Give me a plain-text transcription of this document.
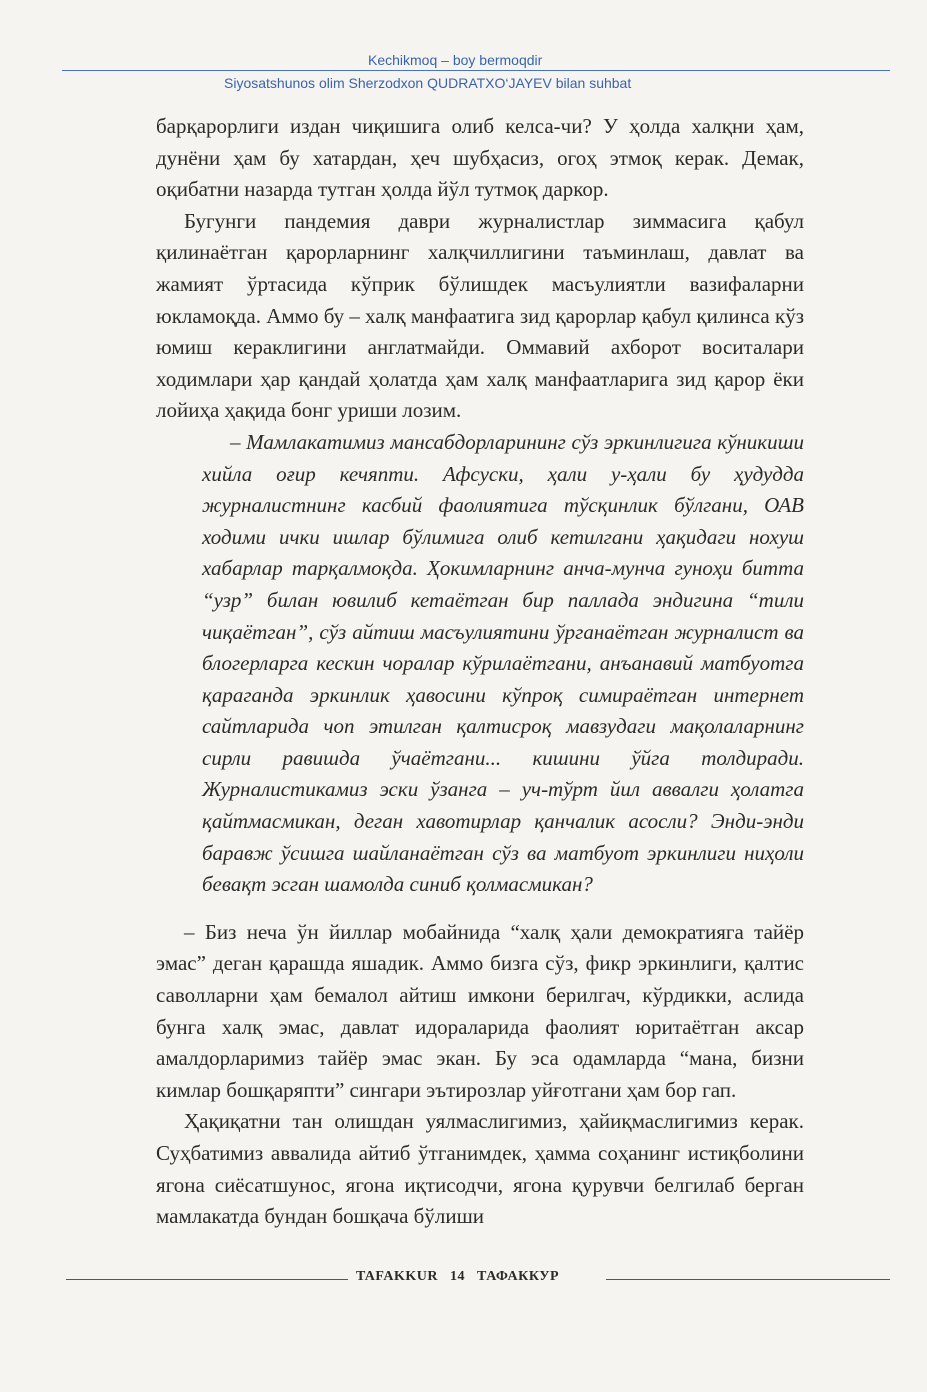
Kechikmoq – boy bermoqdir
Siyosatshunos olim Sherzodxon QUDRATXO‘JAYEV bilan suhbat

барқарорлиги издан чиқишига олиб келса-чи? У ҳолда халқни ҳам, дунёни ҳам бу хатардан, ҳеч шубҳасиз, огоҳ этмоқ керак. Демак, оқибатни назарда тутган ҳолда йўл тутмоқ даркор.

Бугунги пандемия даври журналистлар зиммасига қабул қилинаётган қарорларнинг халқчиллигини таъминлаш, давлат ва жамият ўртасида кўприк бўлишдек масъулиятли вазифаларни юкламоқда. Аммо бу – халқ манфаатига зид қарорлар қабул қилинса кўз юмиш кераклигини англатмайди. Оммавий ахборот воситалари ходимлари ҳар қандай ҳолатда ҳам халқ манфаатларига зид қарор ёки лойиҳа ҳақида бонг уриши лозим.

– Мамлакатимиз мансабдорларининг сўз эркинлигига кўникиши хийла оғир кечяпти. Афсуски, ҳали у-ҳали бу ҳудудда журналистнинг касбий фаолиятига тўсқинлик бўлгани, ОАВ ходими ички ишлар бўлимига олиб кетилгани ҳақидаги нохуш хабарлар тарқалмоқда. Ҳокимларнинг анча-мунча гуноҳи битта “узр” билан ювилиб кетаётган бир паллада эндигина “тили чиқаётган”, сўз айтиш масъулиятини ўрганаётган журналист ва блогерларга кескин чоралар кўрилаётгани, анъанавий матбуотга қараганда эркинлик ҳавосини кўпроқ симираётган интернет сайтларида чоп этилган қалтисроқ мавзудаги мақолаларнинг сирли равишда ўчаётгани... кишини ўйга толдиради. Журналистикамиз эски ўзанга – уч-тўрт йил аввалги ҳолатга қайтмасмикан, деган хавотирлар қанчалик асосли? Энди-энди баравж ўсишга шайланаётган сўз ва матбуот эркинлиги ниҳоли бевақт эсган шамолда синиб қолмасмикан?

– Биз неча ўн йиллар мобайнида “халқ ҳали демократияга тайёр эмас” деган қарашда яшадик. Аммо бизга сўз, фикр эркинлиги, қалтис саволларни ҳам бемалол айтиш имкони берилгач, кўрдикки, аслида бунга халқ эмас, давлат идораларида фаолият юритаётган аксар амалдорларимиз тайёр эмас экан. Бу эса одамларда “мана, бизни кимлар бошқаряпти” сингари эътирозлар уйғотгани ҳам бор гап.

Ҳақиқатни тан олишдан уялмаслигимиз, ҳайиқмаслигимиз керак. Суҳбатимиз аввалида айтиб ўтганимдек, ҳамма соҳанинг истиқболини ягона сиёсатшунос, ягона иқтисодчи, ягона қурувчи белгилаб берган мамлакатда бундан бошқача бўлиши

TAFAKKUR 14 ТАФАККУР
